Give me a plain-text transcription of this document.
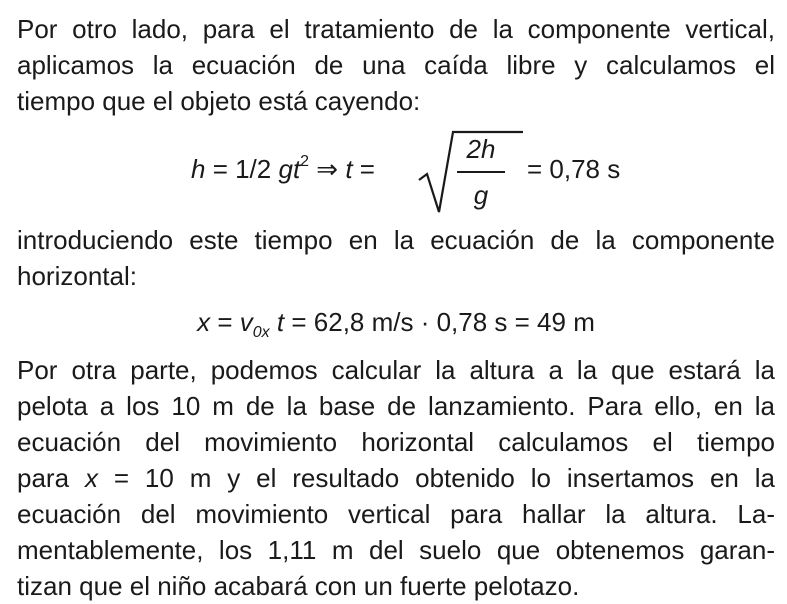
Por otro lado, para el tratamiento de la componente vertical,
aplicamos la ecuación de una caída libre y calculamos el
tiempo que el objeto está cayendo:
h = 1/2 $gt^2$ ⇒ t =
2h
g
= 0,78 s
introduciendo este tiempo en la ecuación de la componente
horizontal:
$x = v_{0x}$ t = 62,8 m/s · 0,78 s = 49 m
Por otra parte, podemos calcular la altura a la que estará la
pelota a los 10 m de la base de lanzamiento. Para ello, en la
ecuación del movimiento horizontal calculamos el tiempo
para x = 10 m y el resultado obtenido lo insertamos en la
ecuación del movimiento vertical para hallar la altura. La-
mentablemente, los 1,11 m del suelo que obtenemos garan-
tizan que el niño acabará con un fuerte pelotazo.
